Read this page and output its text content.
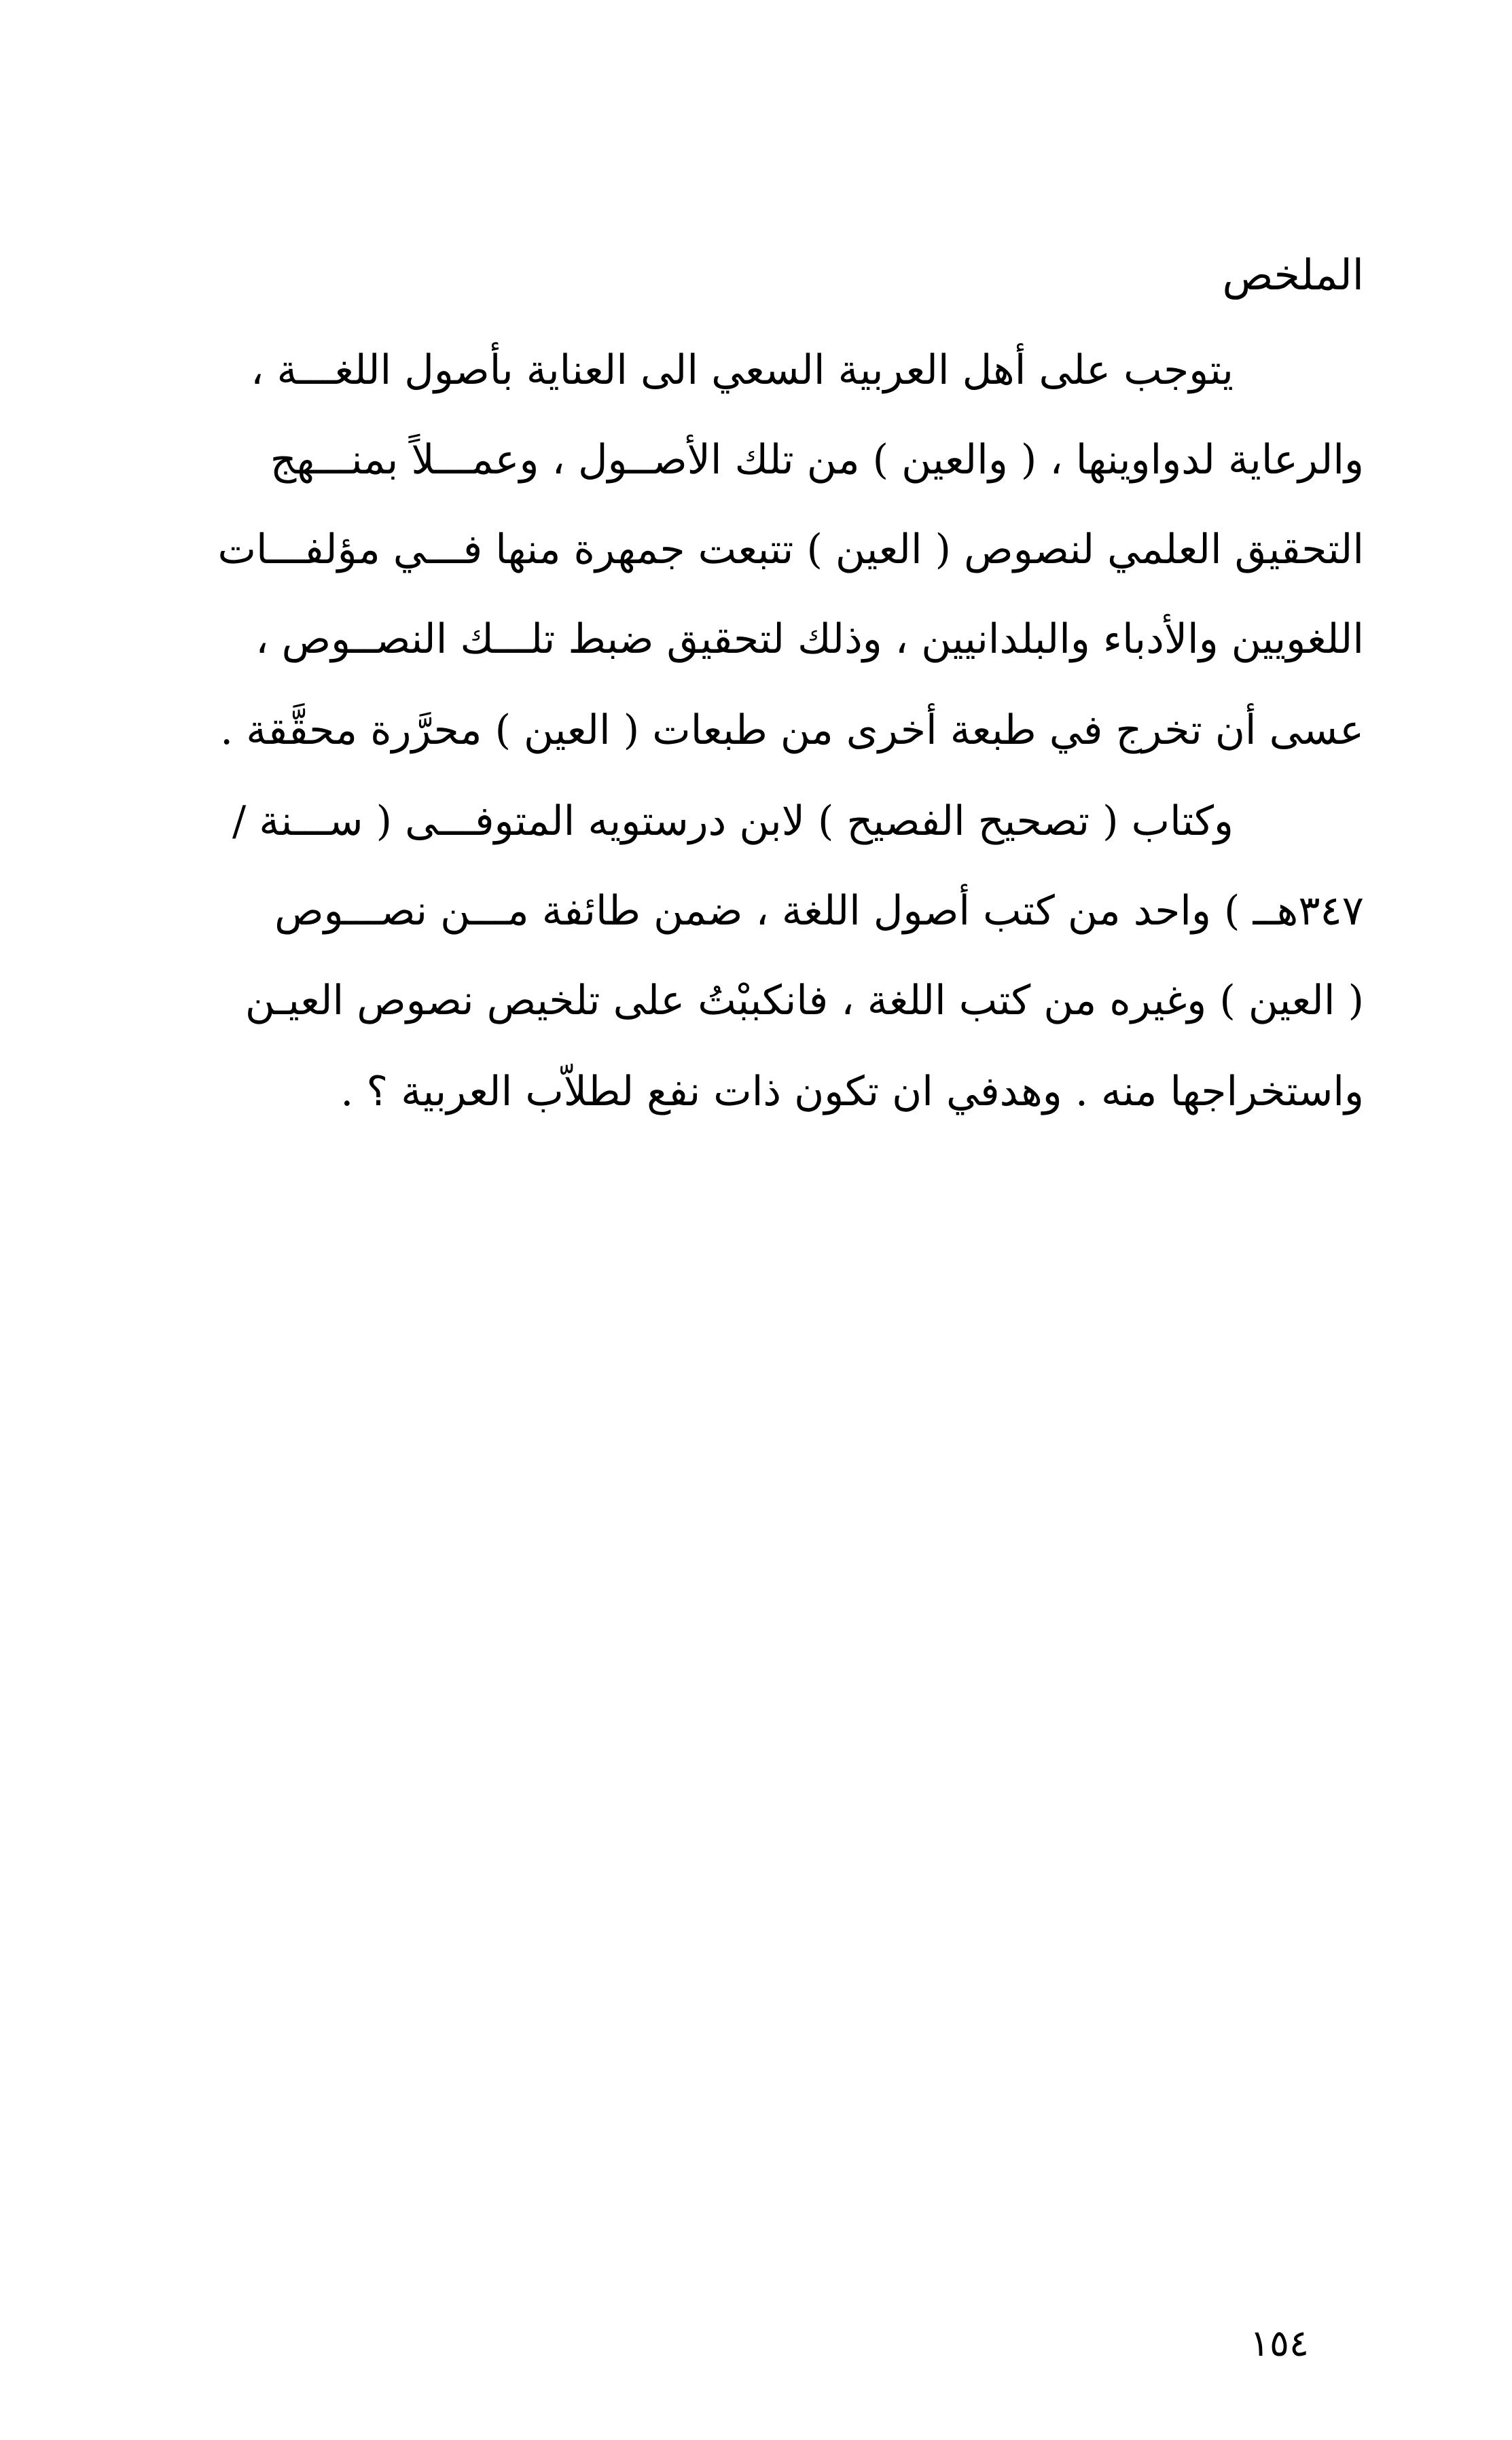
الملخص
يتوجب على أهل العربية السعي الى العناية بأصول اللغـــة ،
والرعاية لدواوينها ، ( والعين ) من تلك الأصــول ، وعمـــلاً بمنـــهج
التحقيق العلمي لنصوص ( العين ) تتبعت جمهرة منها فـــي مؤلفـــات
اللغويين والأدباء والبلدانيين ، وذلك لتحقيق ضبط تلـــك النصــوص ،
عسى أن تخرج في طبعة أخرى من طبعات ( العين ) محرَّرة محقَّقة .
وكتاب ( تصحيح الفصيح ) لابن درستويه المتوفـــى ( ســـنة /
٣٤٧هــ ) واحد من كتب أصول اللغة ، ضمن طائفة مـــن نصـــوص
( العين ) وغيره من كتب اللغة ، فانكببْتُ على تلخيص نصوص العيـن
واستخراجها منه . وهدفي ان تكون ذات نفع لطلاّب العربية ؟ .
١٥٤
